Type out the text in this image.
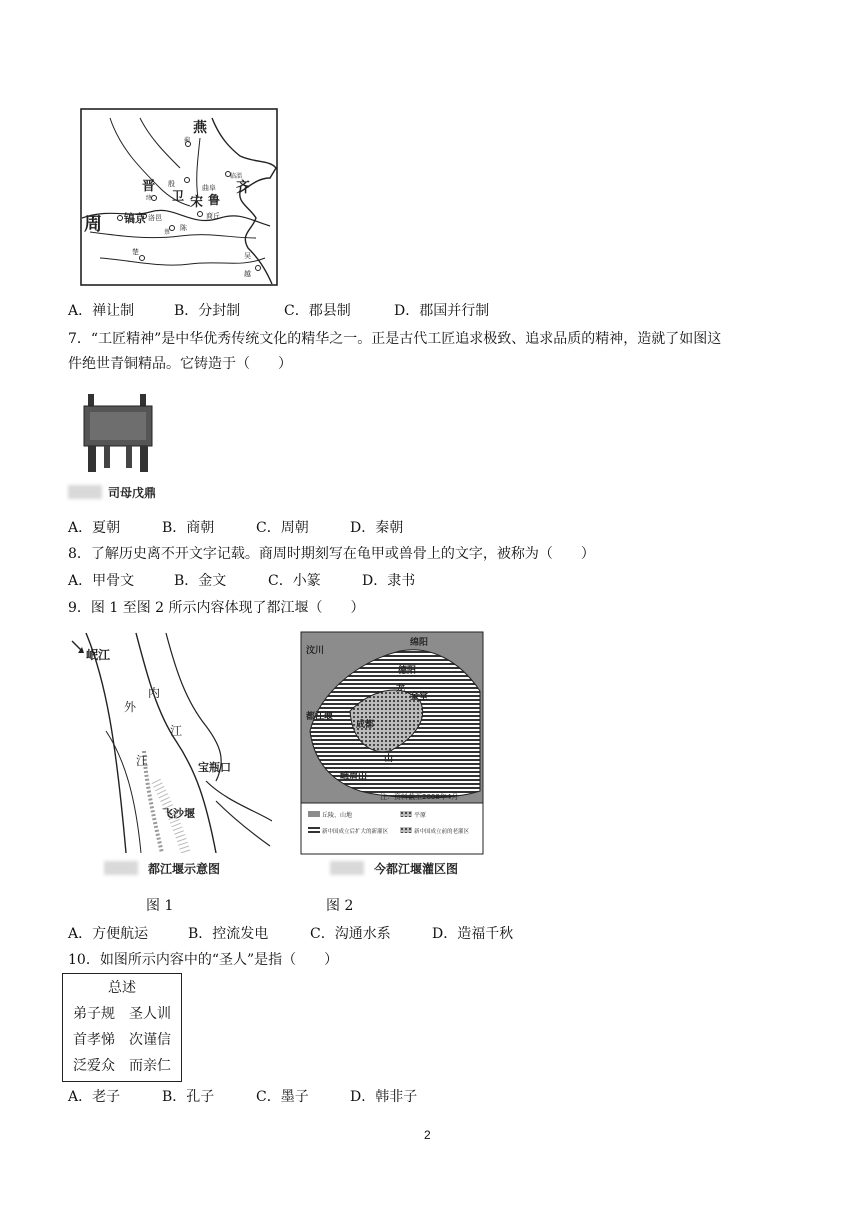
燕
蓟
临淄
齐
曲阜
鲁
晋
绛
殷
卫 宋
商丘
陈
蔡
周 镐京 洛邑
楚	吴
越
A．禅让制	B．分封制	C．郡县制	D．郡国并行制
7．“工匠精神”是中华优秀传统文化的精华之一。正是古代工匠追求极致、追求品质的精神，造就了如图这
件绝世青铜精品。它铸造于（　　）
司母戊鼎
A．夏朝	B．商朝	C．周朝	D．秦朝
8．了解历史离不开文字记载。商周时期刻写在龟甲或兽骨上的文字，被称为（　　）
A．甲骨文	B．金文	C．小篆	D．隶书
9．图 1 至图 2 所示内容体现了都江堰（　　）
岷江
内
外
江
江	宝瓶口
飞沙堰
都江堰示意图
绵阳
汶川
德阳
都江堰
成都
金堂
龙
山
峨眉山
注：资料截至2008年4月
丘陵、山地	平原
新中国成立后扩大的新灌区	新中国成立前的老灌区
今都江堰灌区图
图 1	图 2
A．方便航运	B．控流发电	C．沟通水系	D．造福千秋
10．如图所示内容中的“圣人”是指（　　）
总述
弟子规　圣人训
首孝悌　次谨信
泛爱众　而亲仁
A．老子	B．孔子	C．墨子	D．韩非子
2
